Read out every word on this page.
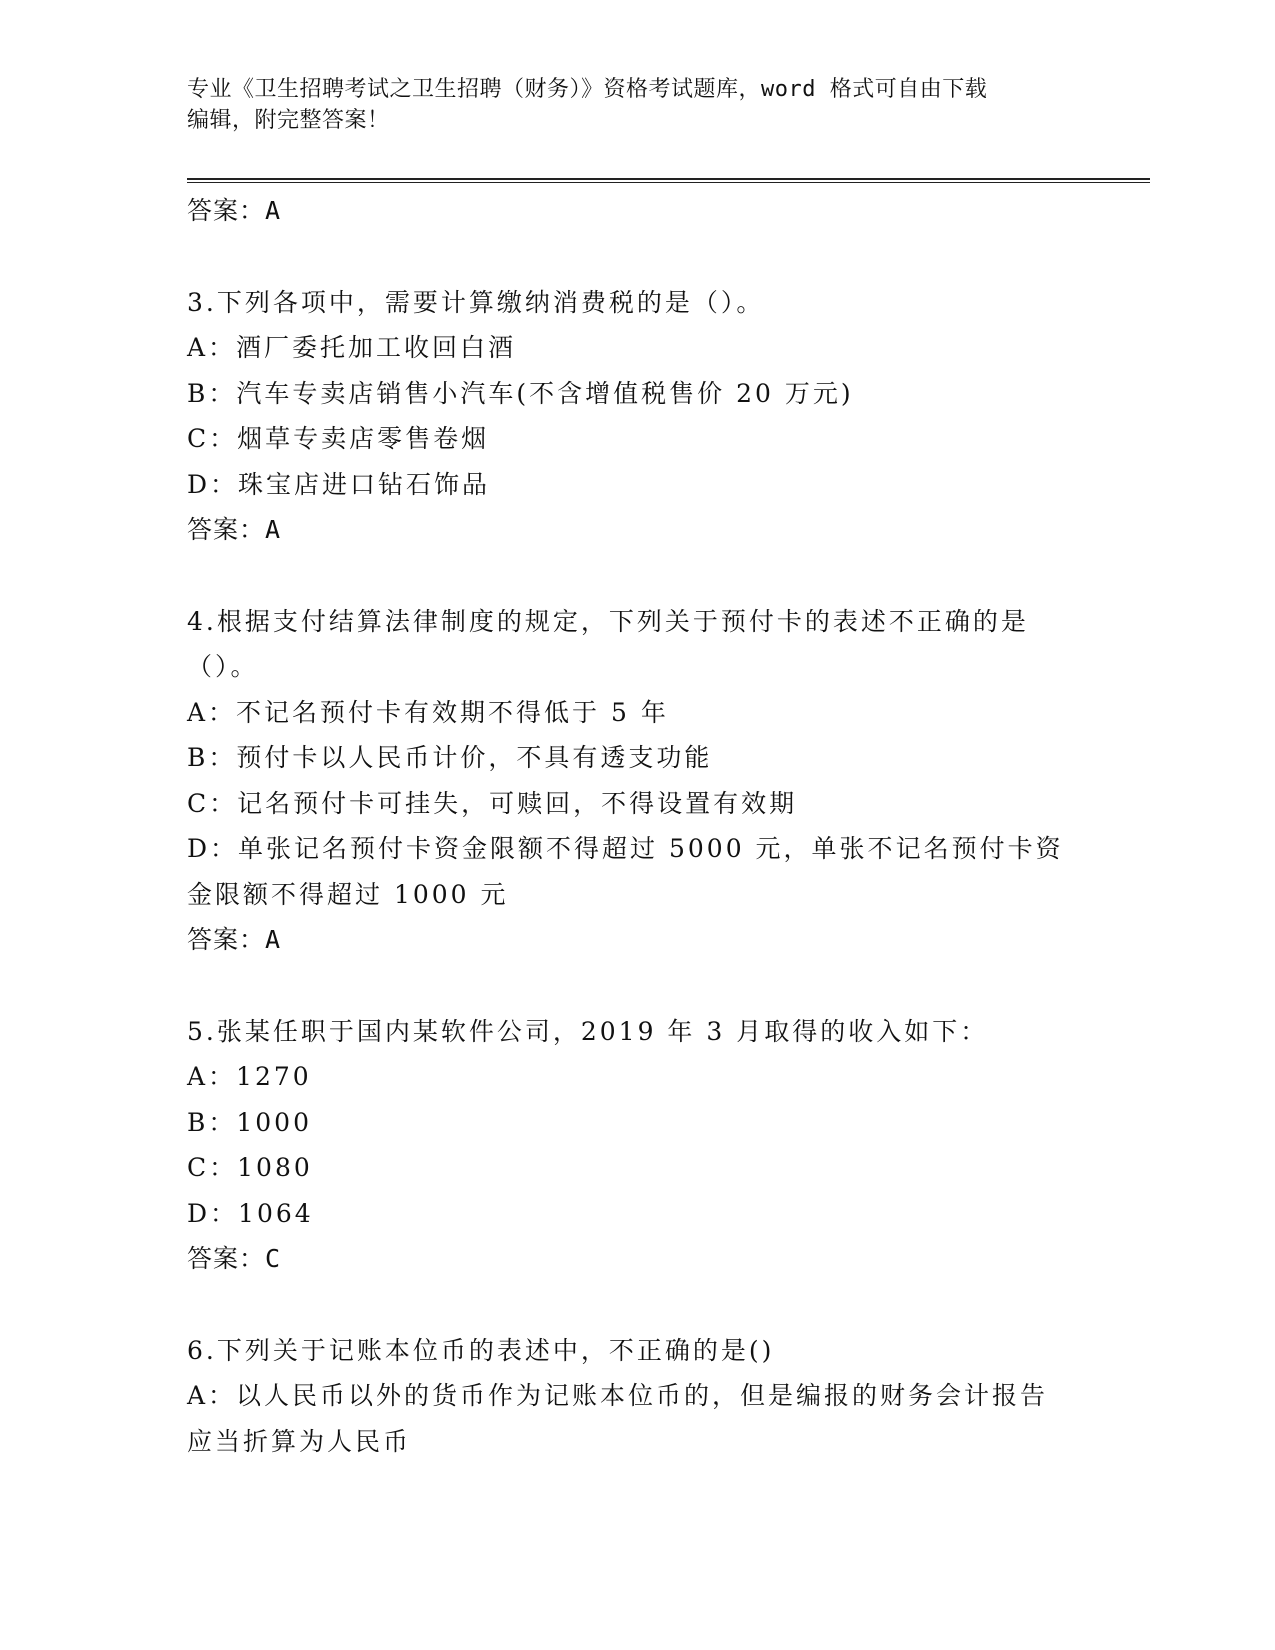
专业《卫生招聘考试之卫生招聘（财务）》资格考试题库，word 格式可自由下载
编辑，附完整答案！

答案：A

3.下列各项中，需要计算缴纳消费税的是（）。

A：酒厂委托加工收回白酒

B：汽车专卖店销售小汽车(不含增值税售价 20 万元)

C：烟草专卖店零售卷烟

D：珠宝店进口钻石饰品

答案：A

4.根据支付结算法律制度的规定，下列关于预付卡的表述不正确的是

（）。

A：不记名预付卡有效期不得低于 5 年

B：预付卡以人民币计价，不具有透支功能

C：记名预付卡可挂失，可赎回，不得设置有效期

D：单张记名预付卡资金限额不得超过 5000 元，单张不记名预付卡资

金限额不得超过 1000 元

答案：A

5.张某任职于国内某软件公司，2019 年 3 月取得的收入如下：

A：1270

B：1000

C：1080

D：1064

答案：C

6.下列关于记账本位币的表述中，不正确的是()

A：以人民币以外的货币作为记账本位币的，但是编报的财务会计报告

应当折算为人民币
